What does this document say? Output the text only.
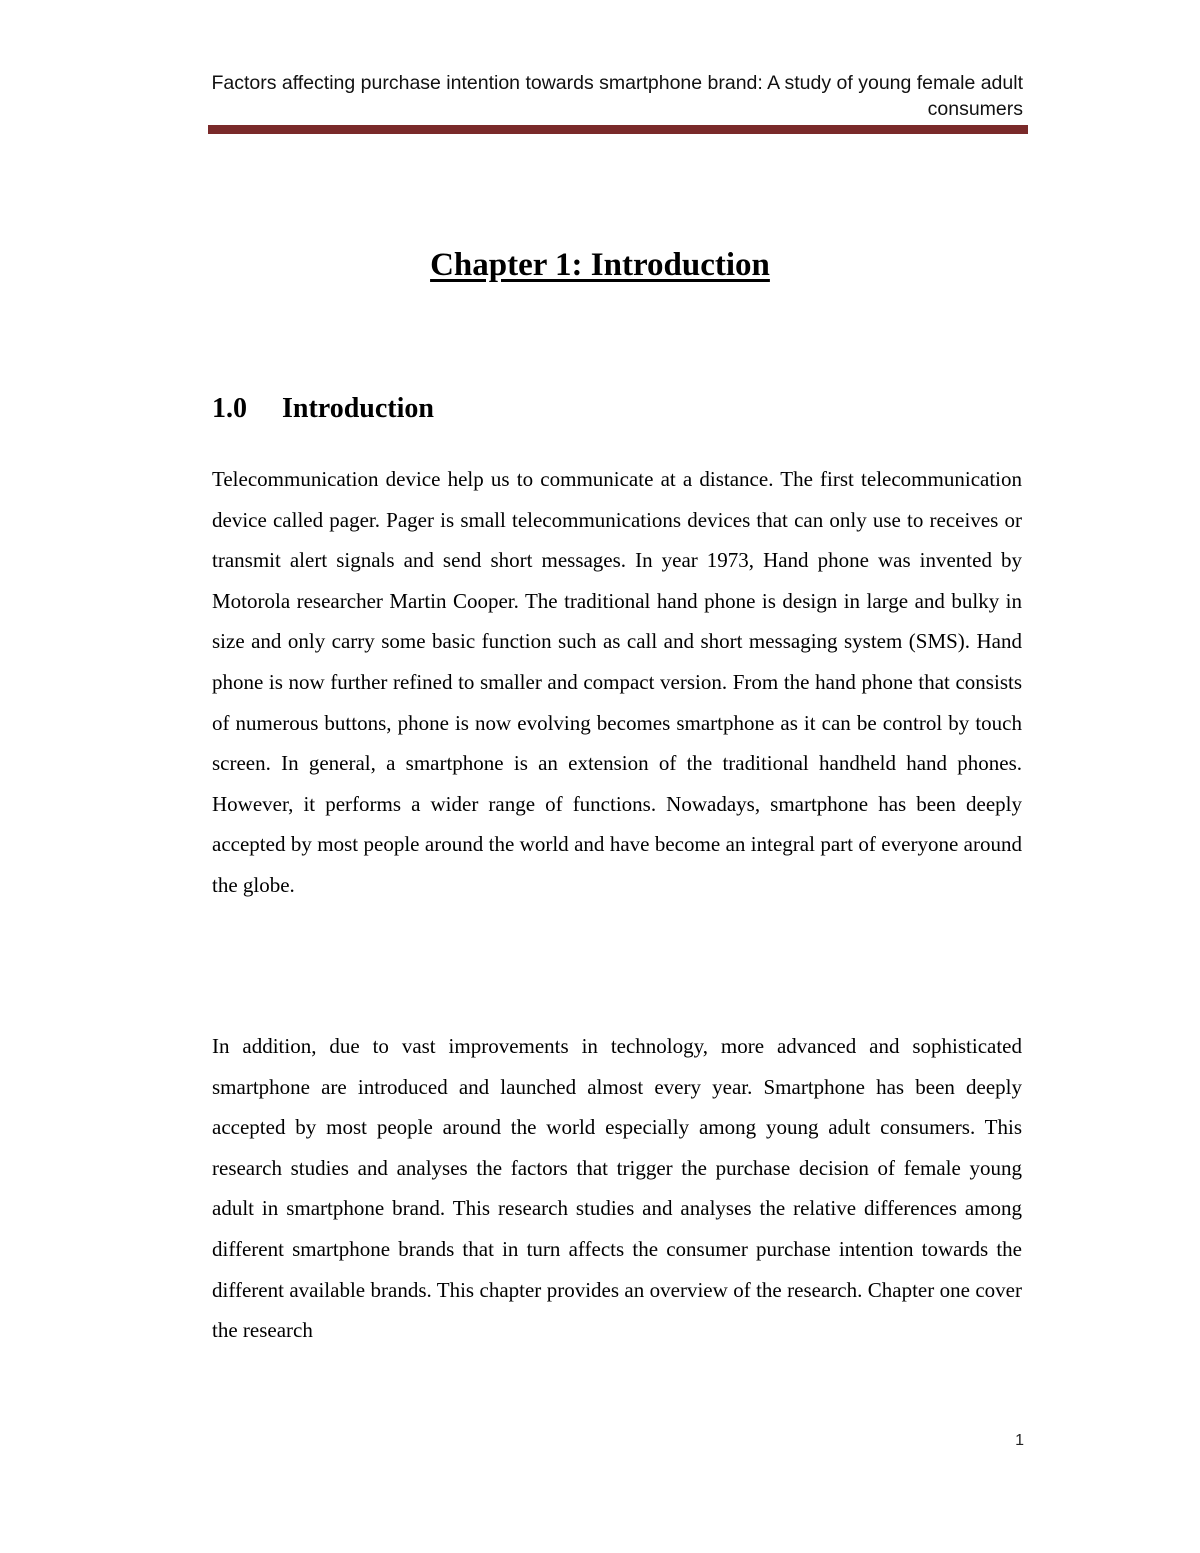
Factors affecting purchase intention towards smartphone brand: A study of young female adult consumers
Chapter 1: Introduction
1.0 Introduction

Telecommunication device help us to communicate at a distance. The first telecommunication device called pager. Pager is small telecommunications devices that can only use to receives or transmit alert signals and send short messages. In year 1973, Hand phone was invented by Motorola researcher Martin Cooper. The traditional hand phone is design in large and bulky in size and only carry some basic function such as call and short messaging system (SMS). Hand phone is now further refined to smaller and compact version. From the hand phone that consists of numerous buttons, phone is now evolving becomes smartphone as it can be control by touch screen. In general, a smartphone is an extension of the traditional handheld hand phones. However, it performs a wider range of functions. Nowadays, smartphone has been deeply accepted by most people around the world and have become an integral part of everyone around the globe.

In addition, due to vast improvements in technology, more advanced and sophisticated smartphone are introduced and launched almost every year. Smartphone has been deeply accepted by most people around the world especially among young adult consumers. This research studies and analyses the factors that trigger the purchase decision of female young adult in smartphone brand. This research studies and analyses the relative differences among different smartphone brands that in turn affects the consumer purchase intention towards the different available brands. This chapter provides an overview of the research. Chapter one cover the research

1
